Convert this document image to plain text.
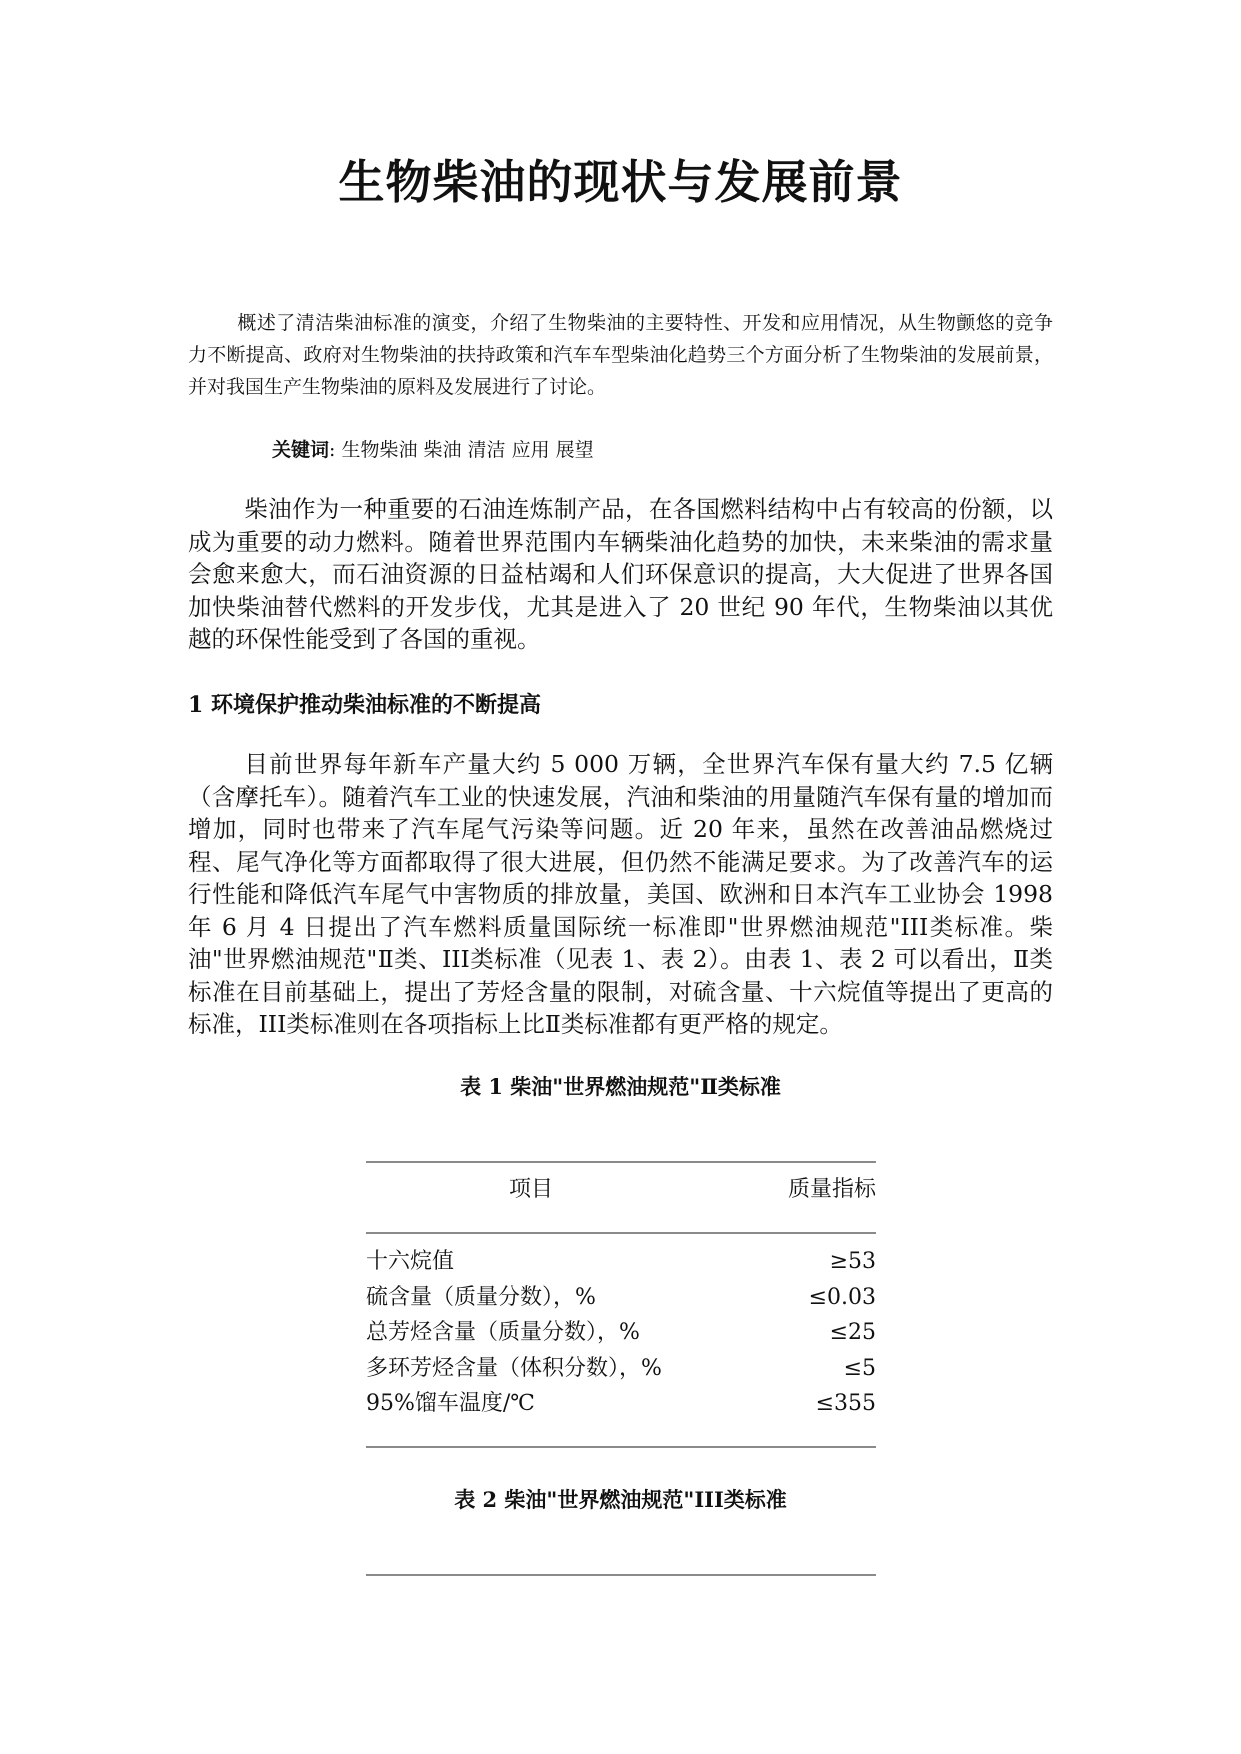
生物柴油的现状与发展前景

概述了清洁柴油标准的演变，介绍了生物柴油的主要特性、开发和应用情况，从生物颤悠的竞争力不断提高、政府对生物柴油的扶持政策和汽车车型柴油化趋势三个方面分析了生物柴油的发展前景，并对我国生产生物柴油的原料及发展进行了讨论。

关键词: 生物柴油 柴油 清洁 应用 展望

柴油作为一种重要的石油连炼制产品，在各国燃料结构中占有较高的份额，以成为重要的动力燃料。随着世界范围内车辆柴油化趋势的加快，未来柴油的需求量会愈来愈大，而石油资源的日益枯竭和人们环保意识的提高，大大促进了世界各国加快柴油替代燃料的开发步伐，尤其是进入了 20 世纪 90 年代，生物柴油以其优越的环保性能受到了各国的重视。

1 环境保护推动柴油标准的不断提高

目前世界每年新车产量大约 5 000 万辆，全世界汽车保有量大约 7.5 亿辆（含摩托车）。随着汽车工业的快速发展，汽油和柴油的用量随汽车保有量的增加而增加，同时也带来了汽车尾气污染等问题。近 20 年来，虽然在改善油品燃烧过程、尾气净化等方面都取得了很大进展，但仍然不能满足要求。为了改善汽车的运行性能和降低汽车尾气中害物质的排放量，美国、欧洲和日本汽车工业协会 1998 年 6 月 4 日提出了汽车燃料质量国际统一标准即"世界燃油规范"III类标准。柴油"世界燃油规范"Ⅱ类、III类标准（见表 1、表 2）。由表 1、表 2 可以看出，Ⅱ类标准在目前基础上，提出了芳烃含量的限制，对硫含量、十六烷值等提出了更高的标准，III类标准则在各项指标上比Ⅱ类标准都有更严格的规定。

表 1 柴油"世界燃油规范"Ⅱ类标准
项目	质量指标
十六烷值	≥53
硫含量（质量分数），%	≤0.03
总芳烃含量（质量分数），%	≤25
多环芳烃含量（体积分数），%	≤5
95%馏车温度/℃	≤355
表 2 柴油"世界燃油规范"III类标准
